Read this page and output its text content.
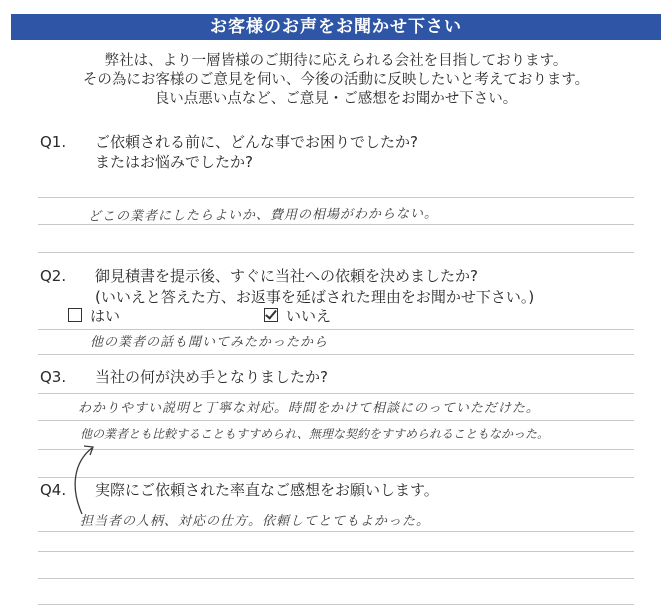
お客様のお声をお聞かせ下さい
弊社は、より一層皆様のご期待に応えられる会社を目指しております。
その為にお客様のご意見を伺い、今後の活動に反映したいと考えております。
良い点悪い点など、ご意見・ご感想をお聞かせ下さい。
Q1. ご依頼される前に、どんな事でお困りでしたか?
またはお悩みでしたか?
どこの業者にしたらよいか、費用の相場がわからない。
Q2. 御見積書を提示後、すぐに当社への依頼を決めましたか?
(いいえと答えた方、お返事を延ばされた理由をお聞かせ下さい。)
はい	いいえ
他の業者の話も聞いてみたかったから
Q3. 当社の何が決め手となりましたか?
わかりやすい説明と丁寧な対応。時間をかけて相談にのっていただけた。
他の業者とも比較することもすすめられ、無理な契約をすすめられることもなかった。
Q4. 実際にご依頼された率直なご感想をお願いします。
担当者の人柄、対応の仕方。依頼してとてもよかった。
